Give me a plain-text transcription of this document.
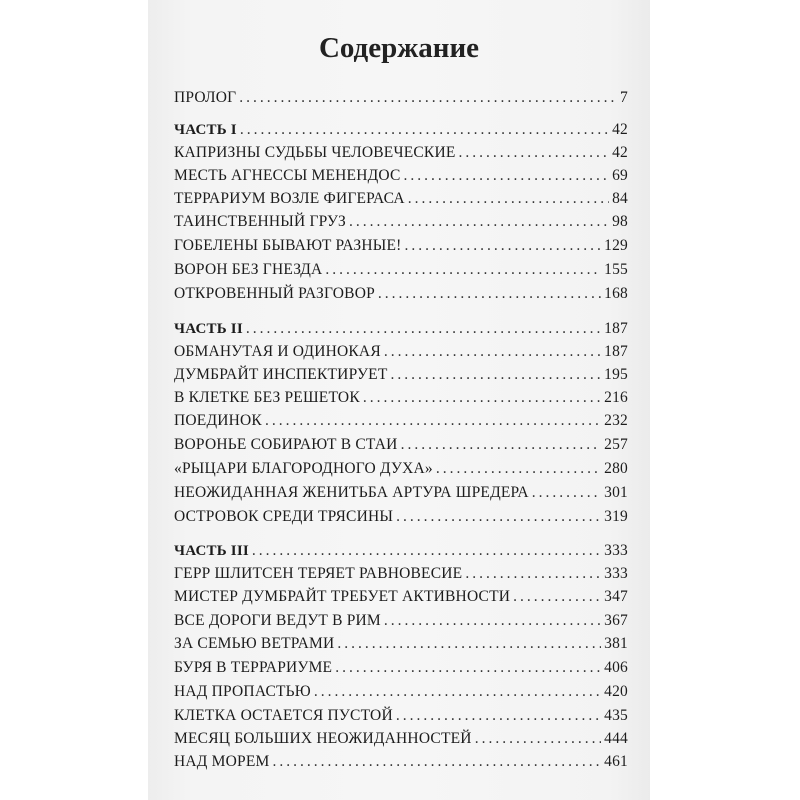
Содержание
ПРОЛОГ .....	7
ЧАСТЬ I .....	42
КАПРИЗНЫ СУДЬБЫ ЧЕЛОВЕЧЕСКИЕ .....	42
МЕСТЬ АГНЕССЫ МЕНЕНДОС .....	69
ТЕРРАРИУМ ВОЗЛЕ ФИГЕРАСА .....	84
ТАИНСТВЕННЫЙ ГРУЗ .....	98
ГОБЕЛЕНЫ БЫВАЮТ РАЗНЫЕ! .....	129
ВОРОН БЕЗ ГНЕЗДА .....	155
ОТКРОВЕННЫЙ РАЗГОВОР .....	168
ЧАСТЬ II .....	187
ОБМАНУТАЯ И ОДИНОКАЯ .....	187
ДУМБРАЙТ ИНСПЕКТИРУЕТ .....	195
В КЛЕТКЕ БЕЗ РЕШЕТОК .....	216
ПОЕДИНОК .....	232
ВОРОНЬЕ СОБИРАЮТ В СТАИ .....	257
«РЫЦАРИ БЛАГОРОДНОГО ДУХА» .....	280
НЕОЖИДАННАЯ ЖЕНИТЬБА АРТУРА ШРЕДЕРА .....	301
ОСТРОВОК СРЕДИ ТРЯСИНЫ .....	319
ЧАСТЬ III .....	333
ГЕРР ШЛИТСЕН ТЕРЯЕТ РАВНОВЕСИЕ .....	333
МИСТЕР ДУМБРАЙТ ТРЕБУЕТ АКТИВНОСТИ .....	347
ВСЕ ДОРОГИ ВЕДУТ В РИМ .....	367
ЗА СЕМЬЮ ВЕТРАМИ .....	381
БУРЯ В ТЕРРАРИУМЕ .....	406
НАД ПРОПАСТЬЮ .....	420
КЛЕТКА ОСТАЕТСЯ ПУСТОЙ .....	435
МЕСЯЦ БОЛЬШИХ НЕОЖИДАННОСТЕЙ .....	444
НАД МОРЕМ .....	461
